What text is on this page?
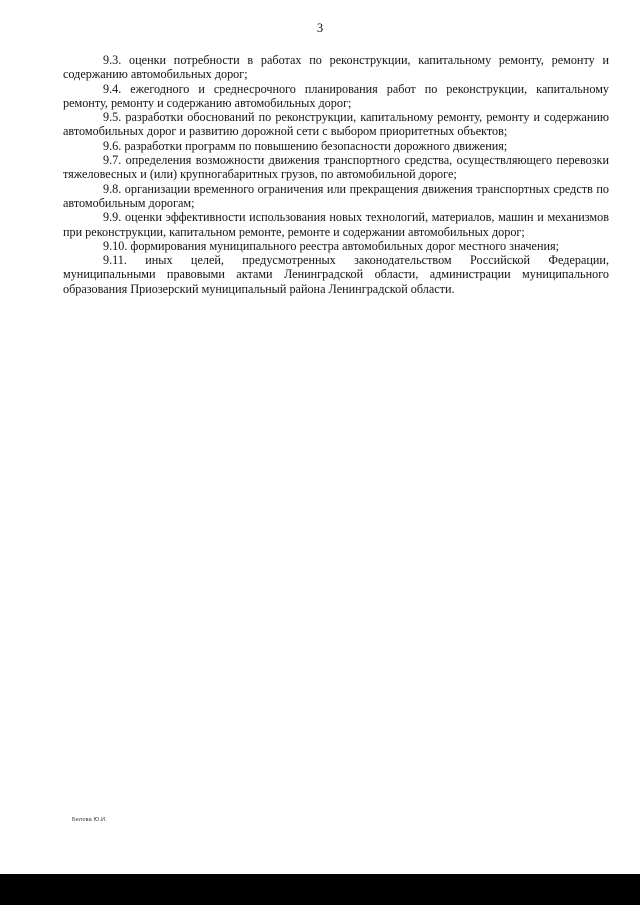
3

9.3. оценки потребности в работах по реконструкции, капитальному ремонту, ремонту и содержанию автомобильных дорог;

9.4. ежегодного и среднесрочного планирования работ по реконструкции, капитальному ремонту, ремонту и содержанию автомобильных дорог;

9.5. разработки обоснований по реконструкции, капитальному ремонту, ремонту и содержанию автомобильных дорог и развитию дорожной сети с выбором приоритетных объектов;

9.6. разработки программ по повышению безопасности дорожного движения;

9.7. определения возможности движения транспортного средства, осуществляющего перевозки тяжеловесных и (или) крупногабаритных грузов, по автомобильной дороге;

9.8. организации временного ограничения или прекращения движения транспортных средств по автомобильным дорогам;

9.9. оценки эффективности использования новых технологий, материалов, машин и механизмов при реконструкции, капитальном ремонте, ремонте и содержании автомобильных дорог;

9.10. формирования муниципального реестра автомобильных дорог местного значения;

9.11. иных целей, предусмотренных законодательством Российской Федерации, муниципальными правовыми актами Ленинградской области, администрации муниципального образования Приозерский муниципальный района Ленинградской области.

Белова Ю.И.
